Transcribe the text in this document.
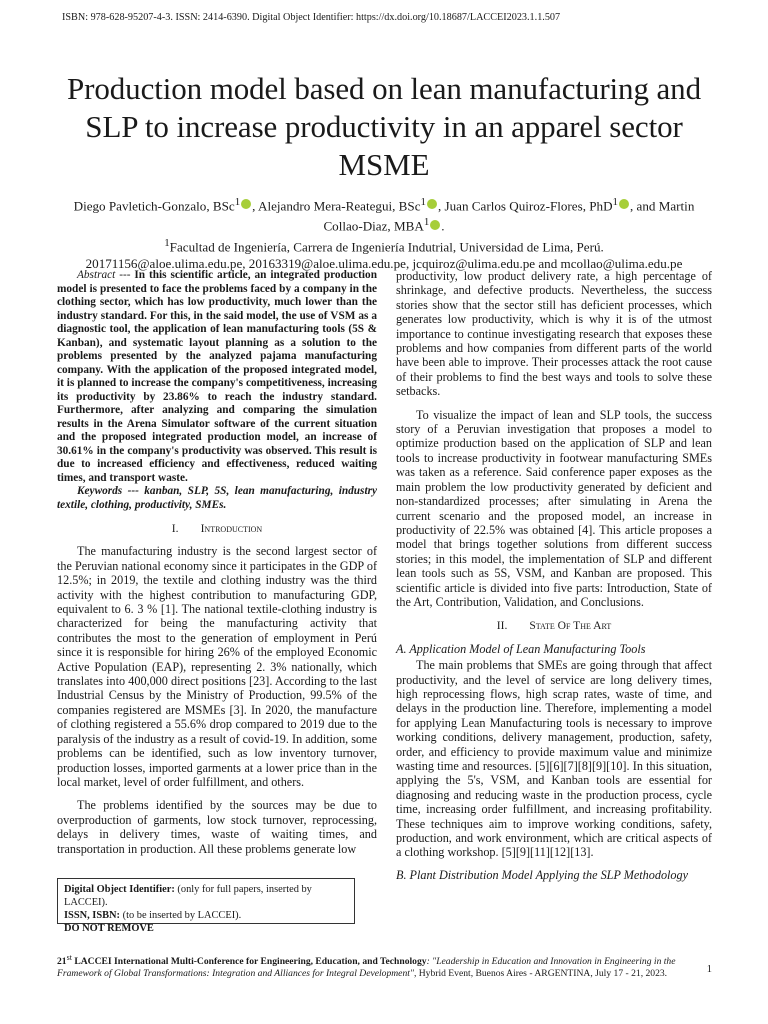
ISBN: 978-628-95207-4-3. ISSN: 2414-6390. Digital Object Identifier: https://dx.doi.org/10.18687/LACCEI2023.1.1.507
Production model based on lean manufacturing and
SLP to increase productivity in an apparel sector
MSME
Diego Pavletich-Gonzalo, BSc$^1$ , Alejandro Mera-Reategui, BSc$^1$ , Juan Carlos Quiroz-Flores, PhD$^1$ , and Martin
Collao-Diaz, MBA$^1$ .
$^1$Facultad de Ingeniería, Carrera de Ingeniería Indutrial, Universidad de Lima, Perú.
20171156@aloe.ulima.edu.pe, 20163319@aloe.ulima.edu.pe, jcquiroz@ulima.edu.pe and mcollao@ulima.edu.pe

Abstract --- In this scientific article, an integrated production model is presented to face the problems faced by a company in the clothing sector, which has low productivity, much lower than the industry standard. For this, in the said model, the use of VSM as a diagnostic tool, the application of lean manufacturing tools (5S & Kanban), and systematic layout planning as a solution to the problems presented by the analyzed pajama manufacturing company. With the application of the proposed integrated model, it is planned to increase the company's competitiveness, increasing its productivity by 23.86% to reach the industry standard. Furthermore, after analyzing and comparing the simulation results in the Arena Simulator software of the current situation and the proposed integrated production model, an increase of 30.61% in the company's productivity was observed. This result is due to increased efficiency and effectiveness, reduced waiting times, and transport waste.

Keywords --- kanban, SLP, 5S, lean manufacturing, industry textile, clothing, productivity, SMEs.

I. Introduction

The manufacturing industry is the second largest sector of the Peruvian national economy since it participates in the GDP of 12.5%; in 2019, the textile and clothing industry was the third activity with the highest contribution to manufacturing GDP, equivalent to 6. 3 % [1]. The national textile-clothing industry is characterized for being the manufacturing activity that contributes the most to the generation of employment in Perú since it is responsible for hiring 26% of the employed Economic Active Population (EAP), representing 2. 3% nationally, which translates into 400,000 direct positions [23]. According to the last Industrial Census by the Ministry of Production, 99.5% of the companies registered are MSMEs [3]. In 2020, the manufacture of clothing registered a 55.6% drop compared to 2019 due to the paralysis of the industry as a result of covid-19. In addition, some problems can be identified, such as low inventory turnover, production losses, imported garments at a lower price than in the local market, level of order fulfillment, and others.

The problems identified by the sources may be due to overproduction of garments, low stock turnover, reprocessing, delays in delivery times, waste of waiting times, and transportation in production. All these problems generate low

productivity, low product delivery rate, a high percentage of shrinkage, and defective products. Nevertheless, the success stories show that the sector still has deficient processes, which generates low productivity, which is why it is of the utmost importance to continue investigating research that exposes these problems and how companies from different parts of the world have been able to improve. Their processes attack the root cause of their problems to find the best ways and tools to solve these setbacks.

To visualize the impact of lean and SLP tools, the success story of a Peruvian investigation that proposes a model to optimize production based on the application of SLP and lean tools to increase productivity in footwear manufacturing SMEs was taken as a reference. Said conference paper exposes as the main problem the low productivity generated by deficient and non-standardized processes; after simulating in Arena the current scenario and the proposed model, an increase in productivity of 22.5% was obtained [4]. This article proposes a model that brings together solutions from different success stories; in this model, the implementation of SLP and different lean tools such as 5S, VSM, and Kanban are proposed. This scientific article is divided into five parts: Introduction, State of the Art, Contribution, Validation, and Conclusions.

II. State Of The Art

A. Application Model of Lean Manufacturing Tools

The main problems that SMEs are going through that affect productivity, and the level of service are long delivery times, high reprocessing flows, high scrap rates, waste of time, and delays in the production line. Therefore, implementing a model for applying Lean Manufacturing tools is necessary to improve working conditions, delivery management, production, safety, order, and efficiency to provide maximum value and minimize wasting time and resources. [5][6][7][8][9][10]. In this situation, applying the 5's, VSM, and Kanban tools are essential for diagnosing and reducing waste in the production process, cycle time, increasing order fulfillment, and increasing profitability. These techniques aim to improve working conditions, safety, production, and work environment, which are critical aspects of a clothing workshop. [5][9][11][12][13].

B. Plant Distribution Model Applying the SLP Methodology

Digital Object Identifier: (only for full papers, inserted by LACCEI).
ISSN, ISBN: (to be inserted by LACCEI).
DO NOT REMOVE
21st LACCEI International Multi-Conference for Engineering, Education, and Technology: "Leadership in Education and Innovation in Engineering in the Framework of Global Transformations: Integration and Alliances for Integral Development", Hybrid Event, Buenos Aires - ARGENTINA, July 17 - 21, 2023.	1
